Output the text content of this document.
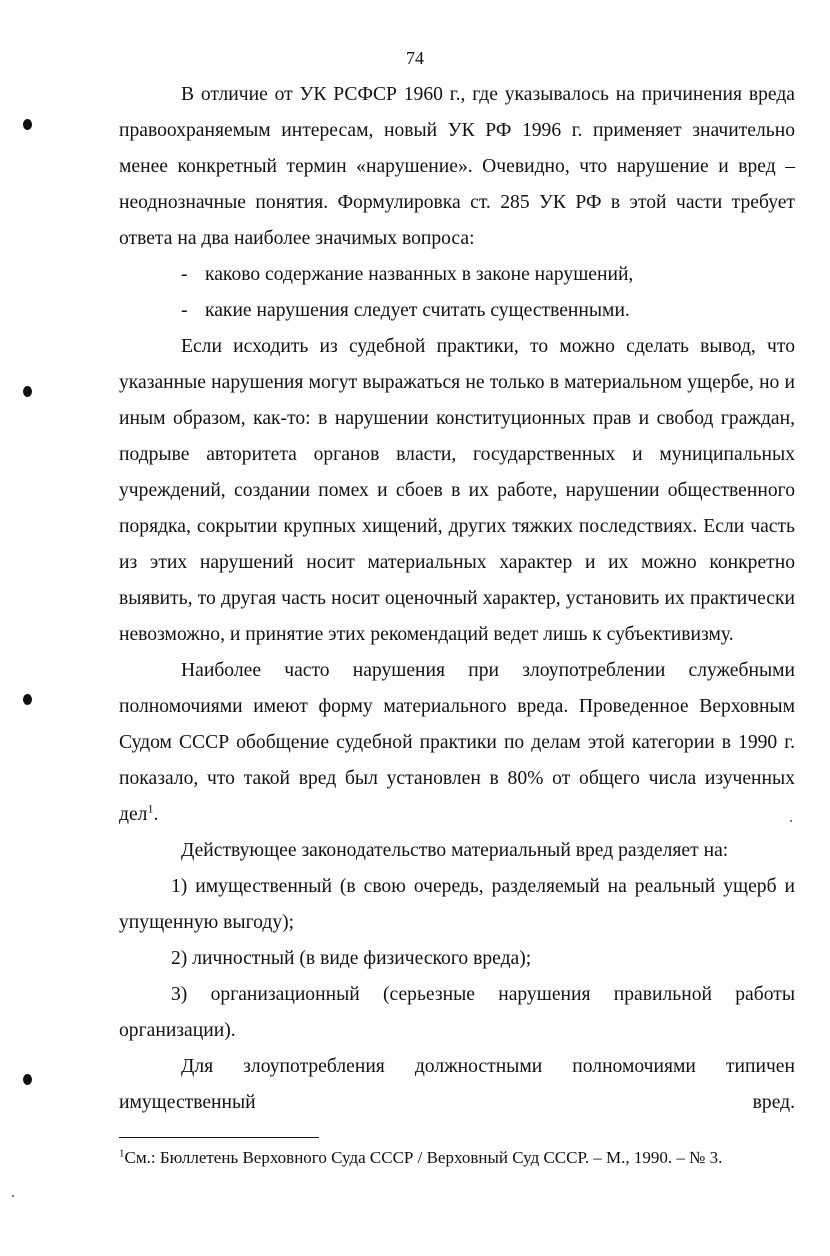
74

В отличие от УК РСФСР 1960 г., где указывалось на причинения вреда правоохраняемым интересам, новый УК РФ 1996 г. применяет значительно менее конкретный термин «нарушение». Очевидно, что нарушение и вред – неоднозначные понятия. Формулировка ст. 285 УК РФ в этой части требует ответа на два наиболее значимых вопроса:

- каково содержание названных в законе нарушений,

- какие нарушения следует считать существенными.

Если исходить из судебной практики, то можно сделать вывод, что указанные нарушения могут выражаться не только в материальном ущербе, но и иным образом, как-то: в нарушении конституционных прав и свобод граждан, подрыве авторитета органов власти, государственных и муниципальных учреждений, создании помех и сбоев в их работе, нарушении общественного порядка, сокрытии крупных хищений, других тяжких последствиях. Если часть из этих нарушений носит материальных характер и их можно конкретно выявить, то другая часть носит оценочный характер, установить их практически невозможно, и принятие этих рекомендаций ведет лишь к субъективизму.

Наиболее часто нарушения при злоупотреблении служебными полномочиями имеют форму материального вреда. Проведенное Верховным Судом СССР обобщение судебной практики по делам этой категории в 1990 г. показало, что такой вред был установлен в 80% от общего числа изученных дел$^1$.

Действующее законодательство материальный вред разделяет на:

1) имущественный (в свою очередь, разделяемый на реальный ущерб и упущенную выгоду);

2) личностный (в виде физического вреда);

3) организационный (серьезные нарушения правильной работы организации).

Для злоупотребления должностными полномочиями типичен имущественный вред.

$^1$См.: Бюллетень Верховного Суда СССР / Верховный Суд СССР. – М., 1990. – № 3.
